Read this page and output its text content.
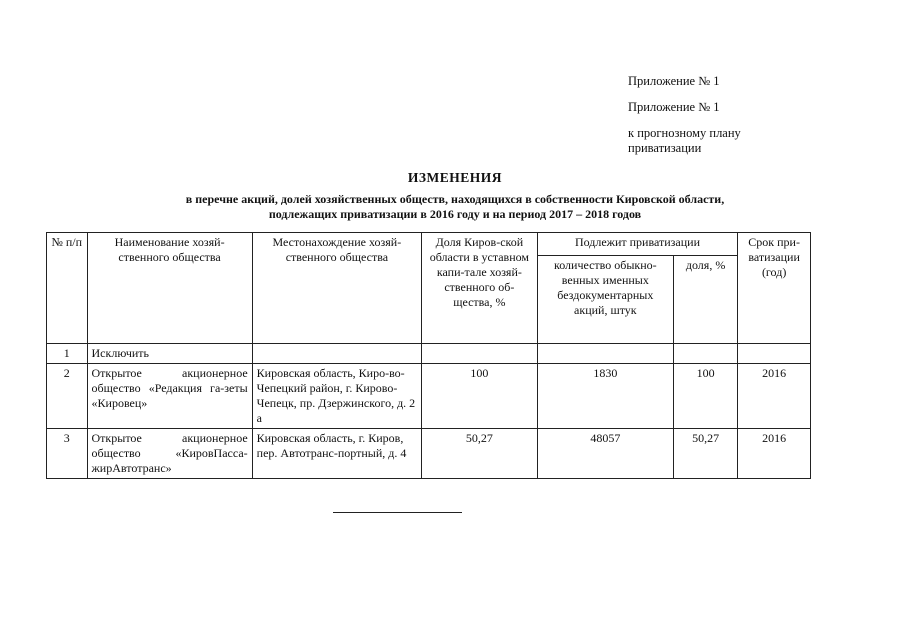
Приложение № 1
Приложение № 1
к прогнозному плану
приватизации
ИЗМЕНЕНИЯ
в перечне акций, долей хозяйственных обществ, находящихся в собственности Кировской области,
подлежащих приватизации в 2016 году и на период 2017 – 2018 годов
№ п/п	Наименование хозяй-ственного общества	Местонахождение хозяй-ственного общества	Доля Киров-ской области в уставном капи-тале хозяй-ственного об-щества, %	Подлежит приватизации		Срок при-ватизации (год)
				количество обыкно-венных именных бездокументарных акций, штук	доля, %	
1	Исключить					
2	Открытое акционерное общество «Редакция га-зеты «Кировец»	Кировская область, Киро-во-Чепецкий район, г. Кирово-Чепецк, пр. Дзержинского, д. 2 а	100	1830	100	2016
3	Открытое акционерное общество «КировПасса-жирАвтотранс»	Кировская область, г. Киров, пер. Автотранс-портный, д. 4	50,27	48057	50,27	2016
